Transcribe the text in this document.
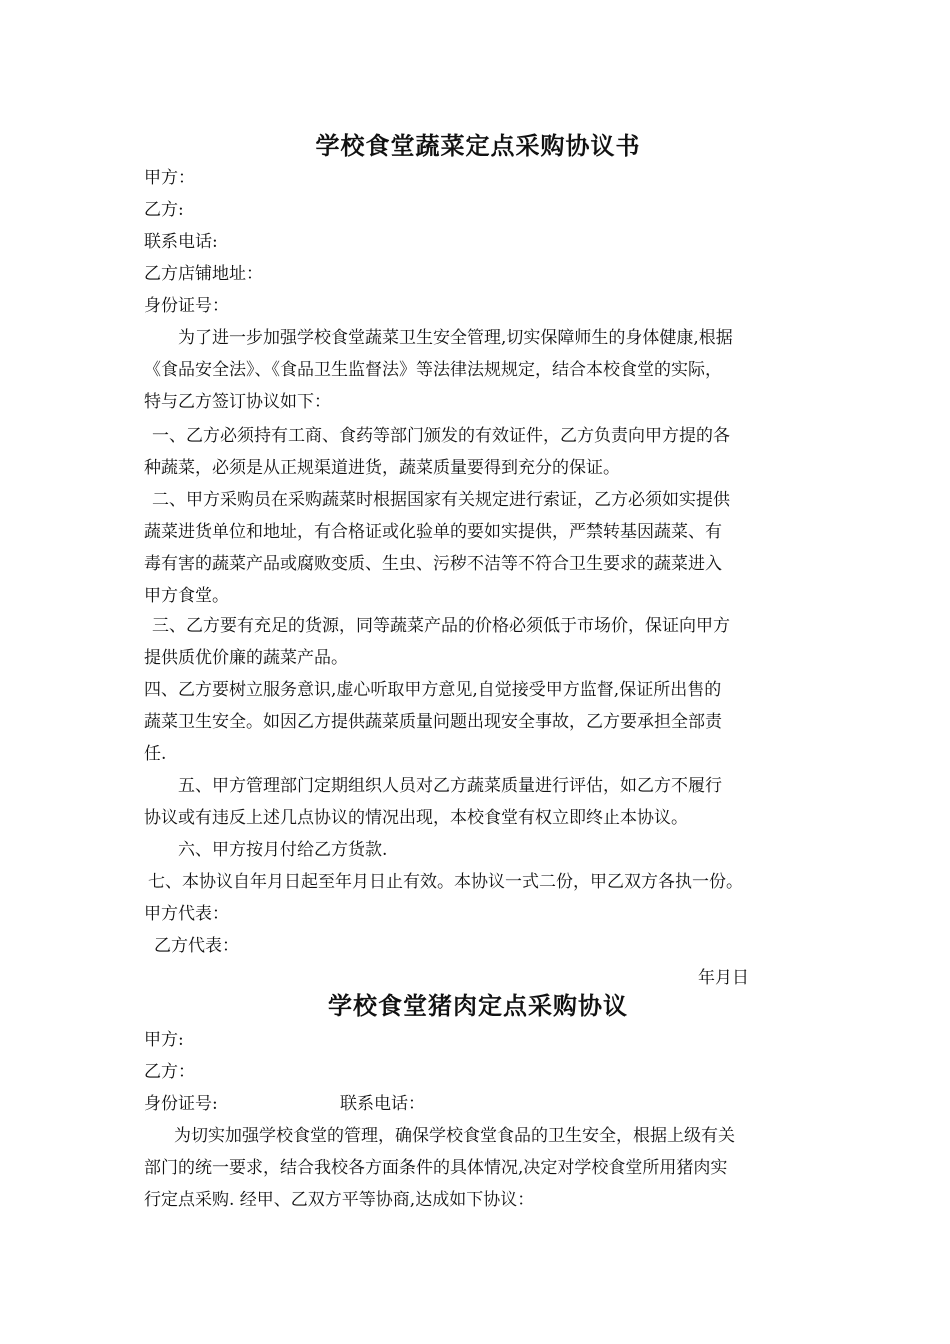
学校食堂蔬菜定点采购协议书
甲方：
乙方:
联系电话:
乙方店铺地址：
身份证号：
为了进一步加强学校食堂蔬菜卫生安全管理,切实保障师生的身体健康,根据
《食品安全法》、《食品卫生监督法》等法律法规规定，结合本校食堂的实际，
特与乙方签订协议如下：
一、乙方必须持有工商、食药等部门颁发的有效证件，乙方负责向甲方提的各
种蔬菜，必须是从正规渠道进货，蔬菜质量要得到充分的保证。
二、甲方采购员在采购蔬菜时根据国家有关规定进行索证，乙方必须如实提供
蔬菜进货单位和地址，有合格证或化验单的要如实提供，严禁转基因蔬菜、有
毒有害的蔬菜产品或腐败变质、生虫、污秽不洁等不符合卫生要求的蔬菜进入
甲方食堂。
三、乙方要有充足的货源，同等蔬菜产品的价格必须低于市场价，保证向甲方
提供质优价廉的蔬菜产品。
四、乙方要树立服务意识,虚心听取甲方意见,自觉接受甲方监督,保证所出售的
蔬菜卫生安全。如因乙方提供蔬菜质量问题出现安全事故，乙方要承担全部责
任.
五、甲方管理部门定期组织人员对乙方蔬菜质量进行评估，如乙方不履行
协议或有违反上述几点协议的情况出现，本校食堂有权立即终止本协议。
六、甲方按月付给乙方货款.
七、本协议自年月日起至年月日止有效。本协议一式二份，甲乙双方各执一份。
甲方代表：
乙方代表：
年月日
学校食堂猪肉定点采购协议
甲方:
乙方：
身份证号:	联系电话：
为切实加强学校食堂的管理，确保学校食堂食品的卫生安全，根据上级有关
部门的统一要求，结合我校各方面条件的具体情况,决定对学校食堂所用猪肉实
行定点采购. 经甲、乙双方平等协商,达成如下协议：
